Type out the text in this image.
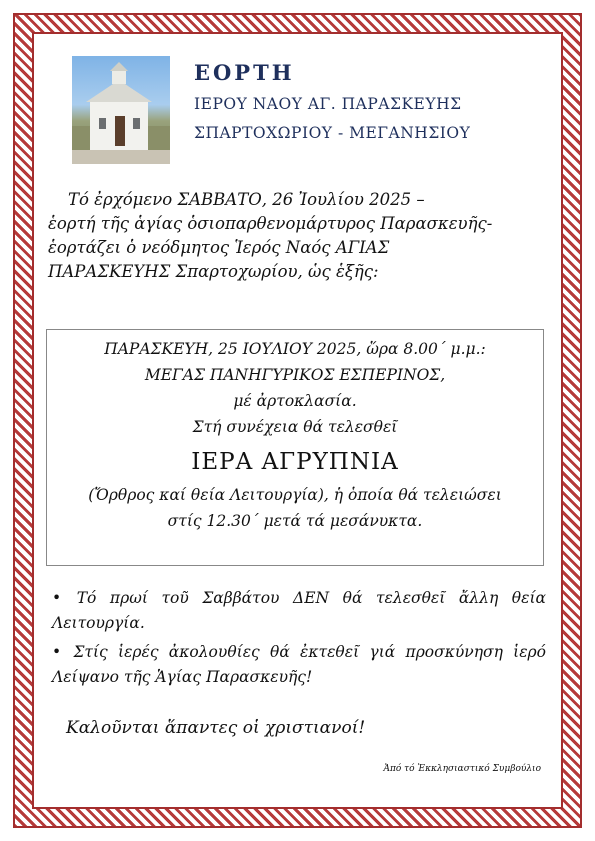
ΕΟΡΤΗ
ΙΕΡΟΥ ΝΑΟΥ ΑΓ. ΠΑΡΑΣΚΕΥΗΣ
ΣΠΑΡΤΟΧΩΡΙΟΥ - ΜΕΓΑΝΗΣΙΟΥ
Τό ἐρχόμενο ΣΑΒΒΑΤΟ, 26 Ἰουλίου 2025 –
ἑορτή τῆς ἁγίας ὁσιοπαρθενομάρτυρος Παρασκευῆς-
ἑορτάζει ὁ νεόδμητος Ἱερός Ναός ΑΓΙΑΣ
ΠΑΡΑΣΚΕΥΗΣ Σπαρτοχωρίου, ὡς ἑξῆς:
ΠΑΡΑΣΚΕΥΗ, 25 ΙΟΥΛΙΟΥ 2025, ὥρα 8.00΄ μ.μ.:
ΜΕΓΑΣ ΠΑΝΗΓΥΡΙΚΟΣ ΕΣΠΕΡΙΝΟΣ,
μέ ἀρτοκλασία.
Στή συνέχεια θά τελεσθεῖ
ΙΕΡΑ ΑΓΡΥΠΝΙΑ
(Ὄρθρος καί θεία Λειτουργία), ἡ ὁποία θά τελειώσει
στίς 12.30΄ μετά τά μεσάνυκτα.
• Τό πρωί τοῦ Σαββάτου ΔΕΝ θά τελεσθεῖ ἄλλη θεία Λειτουργία.
• Στίς ἱερές ἀκολουθίες θά ἐκτεθεῖ γιά προσκύνηση ἱερό Λείψανο τῆς Ἁγίας Παρασκευῆς!
Καλοῦνται ἅπαντες οἱ χριστιανοί!
Ἀπό τό Ἐκκλησιαστικό Συμβούλιο
